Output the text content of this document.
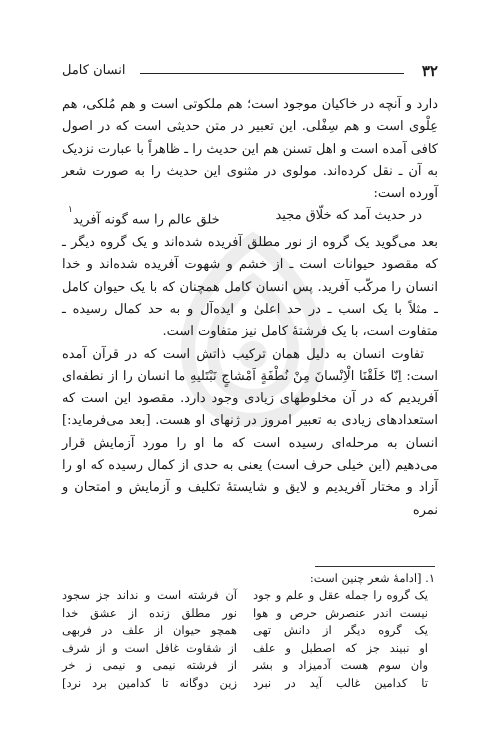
۳۲
انسان کامل

دارد و آنچه در خاکیان موجود است؛ هم ملکوتی است و هم مُلکی، هم عِلْوی است و هم سِفْلی. این تعبیر در متن حدیثی است که در اصول کافی آمده است و اهل تسنن هم این حدیث را ـ ظاهراً با عبارت نزدیک به آن ـ نقل کرده‌اند. مولوی در مثنوی این حدیث را به صورت شعر آورده است:

در حدیث آمد که خلّاق مجید
خلق عالم را سه گونه آفرید$^۱$

بعد می‌گوید یک گروه از نور مطلق آفریده شده‌اند و یک گروه دیگر ـ که مقصود حیوانات است ـ از خشم و شهوت آفریده شده‌اند و خدا انسان را مرکّب آفرید. پس انسان کامل همچنان که با یک حیوان کامل ـ مثلاً با یک اسب ـ در حد اعلیٰ و ایده‌آل و به حد کمال رسیده ـ متفاوت است، با یک فرشتهٔ کامل نیز متفاوت است.

تفاوت انسان به دلیل همان ترکیب ذاتش است که در قرآن آمده است: اِنّا خَلَقْنَا الْاِنْسانَ مِنْ نُطْفَةٍ اَمْشاجٍ نَبْتَلیهِ ما انسان را از نطفه‌ای آفریدیم که در آن مخلوطهای زیادی وجود دارد. مقصود این است که استعدادهای زیادی به تعبیر امروز در ژنهای او هست. [بعد می‌فرماید:] انسان به مرحله‌ای رسیده است که ما او را مورد آزمایش قرار می‌دهیم (این خیلی حرف است) یعنی به حدی از کمال رسیده که او را آزاد و مختار آفریدیم و لایق و شایستهٔ تکلیف و آزمایش و امتحان و نمره

۱. [ادامهٔ شعر چنین است:
یک گروه را جمله عقل و علم و جود
آن فرشته است و نداند جز سجود
نیست اندر عنصرش حرص و هوا
نور مطلق زنده از عشق خدا
یک گروه دیگر از دانش تهی
همچو حیوان از علف در فربهی
او نبیند جز که اصطبل و علف
از شقاوت غافل است و از شرف
وان سوم هست آدمیزاد و بشر
از فرشته نیمی و نیمی ز خر
تا کدامین غالب آید در نبرد
زین دوگانه تا کدامین برد نرد]
